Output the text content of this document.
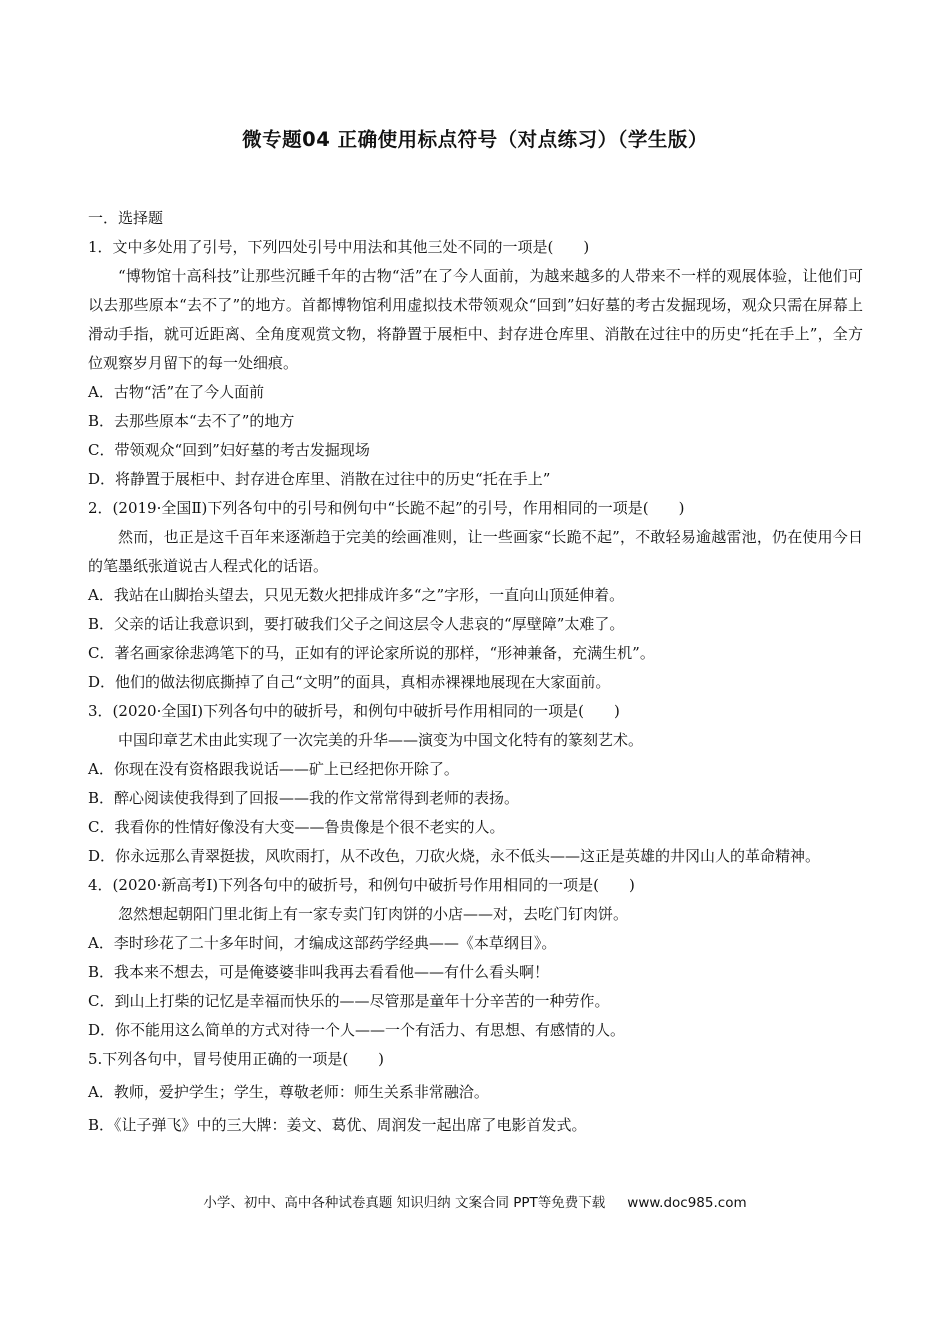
微专题04 正确使用标点符号（对点练习）（学生版）
一．选择题
1．文中多处用了引号，下列四处引号中用法和其他三处不同的一项是(　　)
“博物馆十高科技”让那些沉睡千年的古物“活”在了今人面前，为越来越多的人带来不一样的观展体验，让他们可以去那些原本“去不了”的地方。首都博物馆利用虚拟技术带领观众“回到”妇好墓的考古发掘现场，观众只需在屏幕上滑动手指，就可近距离、全角度观赏文物，将静置于展柜中、封存进仓库里、消散在过往中的历史“托在手上”，全方位观察岁月留下的每一处细痕。
A．古物“活”在了今人面前
B．去那些原本“去不了”的地方
C．带领观众“回到”妇好墓的考古发掘现场
D．将静置于展柜中、封存进仓库里、消散在过往中的历史“托在手上”
2．(2019·全国Ⅱ)下列各句中的引号和例句中“长跪不起”的引号，作用相同的一项是(　　)
然而，也正是这千百年来逐渐趋于完美的绘画准则，让一些画家“长跪不起”，不敢轻易逾越雷池，仍在使用今日的笔墨纸张道说古人程式化的话语。
A．我站在山脚抬头望去，只见无数火把排成许多“之”字形，一直向山顶延伸着。
B．父亲的话让我意识到，要打破我们父子之间这层令人悲哀的“厚壁障”太难了。
C．著名画家徐悲鸿笔下的马，正如有的评论家所说的那样，“形神兼备，充满生机”。
D．他们的做法彻底撕掉了自己“文明”的面具，真相赤裸裸地展现在大家面前。
3．(2020·全国Ⅰ)下列各句中的破折号，和例句中破折号作用相同的一项是(　　)
中国印章艺术由此实现了一次完美的升华——演变为中国文化特有的篆刻艺术。
A．你现在没有资格跟我说话——矿上已经把你开除了。
B．醉心阅读使我得到了回报——我的作文常常得到老师的表扬。
C．我看你的性情好像没有大变——鲁贵像是个很不老实的人。
D．你永远那么青翠挺拔，风吹雨打，从不改色，刀砍火烧，永不低头——这正是英雄的井冈山人的革命精神。
4．(2020·新高考Ⅰ)下列各句中的破折号，和例句中破折号作用相同的一项是(　　)
忽然想起朝阳门里北街上有一家专卖门钉肉饼的小店——对，去吃门钉肉饼。
A．李时珍花了二十多年时间，才编成这部药学经典——《本草纲目》。
B．我本来不想去，可是俺婆婆非叫我再去看看他——有什么看头啊！
C．到山上打柴的记忆是幸福而快乐的——尽管那是童年十分辛苦的一种劳作。
D．你不能用这么简单的方式对待一个人——一个有活力、有思想、有感情的人。
5.下列各句中，冒号使用正确的一项是(　　)
A．教师，爱护学生；学生，尊敬老师：师生关系非常融洽。
B．《让子弹飞》中的三大牌：姜文、葛优、周润发一起出席了电影首发式。
小学、初中、高中各种试卷真题 知识归纳 文案合同 PPT等免费下载 www.doc985.com
